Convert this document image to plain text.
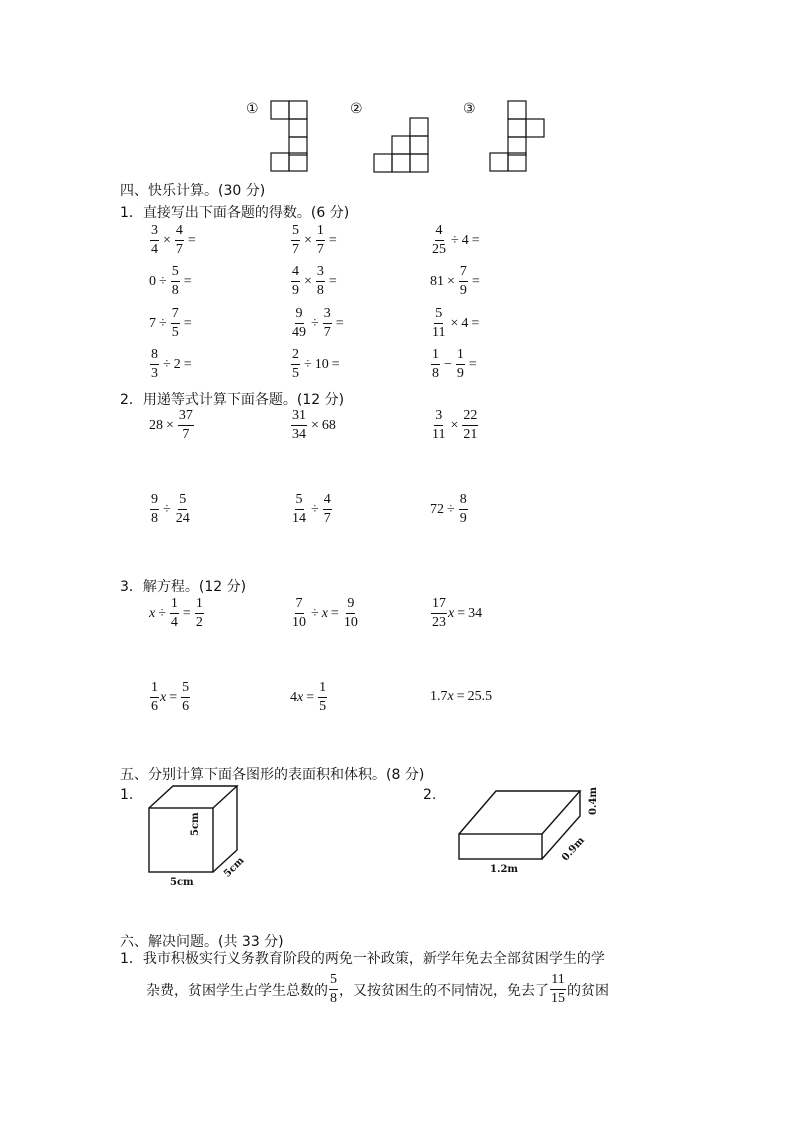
①	②	③
四、快乐计算。(30 分)
1．直接写出下面各题的得数。(6 分)
$\frac{3}{4} \times \frac{4}{7}$ =	$\frac{5}{7} \times \frac{1}{7}$ =	$\frac{4}{25} \div 4$ =
$0 \div \frac{5}{8}$ =	$\frac{4}{9} \times \frac{3}{8}$ =	$81 \times \frac{7}{9}$ =
$7 \div \frac{7}{5}$ =	$\frac{9}{49} \div \frac{3}{7}$ =	$\frac{5}{11} \times 4$ =
$\frac{8}{3} \div 2$ =	$\frac{2}{5} \div 10$ =	$\frac{1}{8} - \frac{1}{9}$ =
2．用递等式计算下面各题。(12 分)
$28 \times \frac{37}{7}$	$\frac{31}{34} \times 68$	$\frac{3}{11} \times \frac{22}{21}$
$\frac{9}{8} \div \frac{5}{24}$	$\frac{5}{14} \div \frac{4}{7}$	$72 \div \frac{8}{9}$
3．解方程。(12 分)
$x \div \frac{1}{4} = \frac{1}{2}$	$\frac{7}{10} \div x = \frac{9}{10}$	$\frac{17}{23}$ x = 34
$\frac{1}{6}$ $x = \frac{5}{6}$	4 $x = \frac{1}{5}$	1.7 x = 25.5
五、分别计算下面各图形的表面积和体积。(8 分)
1.
5cm
5cm
5cm
2.	0.4m
0.9m
1.2m
六、解决问题。(共 33 分)
1．我市积极实行义务教育阶段的两免一补政策，新学年免去全部贫困学生的学
杂费，贫困学生占学生总数的 $\frac{5}{8}$ ，又按贫困生的不同情况，免去了 $\frac{11}{15}$ 的贫困
